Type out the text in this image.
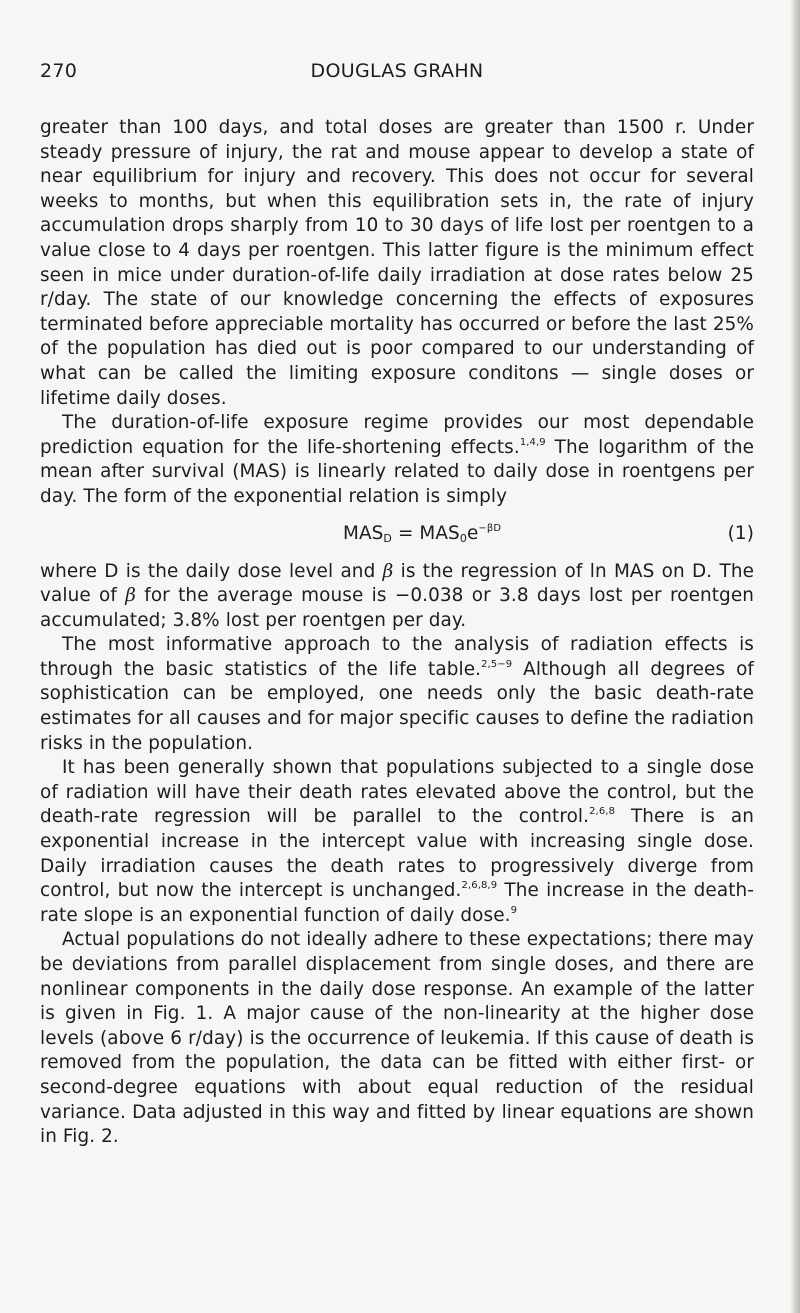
270	DOUGLAS GRAHN

greater than 100 days, and total doses are greater than 1500 r. Under steady pressure of injury, the rat and mouse appear to develop a state of near equilibrium for injury and recovery. This does not occur for several weeks to months, but when this equilibration sets in, the rate of injury accumulation drops sharply from 10 to 30 days of life lost per roentgen to a value close to 4 days per roentgen. This latter figure is the minimum effect seen in mice under duration-of-life daily irradiation at dose rates below 25 r/day. The state of our knowledge concerning the effects of exposures terminated before appreciable mortality has occurred or before the last 25% of the population has died out is poor compared to our understanding of what can be called the limiting exposure conditons — single doses or lifetime daily doses.

The duration-of-life exposure regime provides our most dependable prediction equation for the life-shortening effects.$^{1,4,9}$ The logarithm of the mean after survival (MAS) is linearly related to daily dose in roentgens per day. The form of the exponential relation is simply

$MAS_D = MAS_0e^{-\beta D}$	(1)

where D is the daily dose level and β is the regression of ln MAS on D. The value of β for the average mouse is −0.038 or 3.8 days lost per roentgen accumulated; 3.8% lost per roentgen per day.

The most informative approach to the analysis of radiation effects is through the basic statistics of the life table.$^{2,5-9}$ Although all degrees of sophistication can be employed, one needs only the basic death-rate estimates for all causes and for major specific causes to define the radiation risks in the population.

It has been generally shown that populations subjected to a single dose of radiation will have their death rates elevated above the control, but the death-rate regression will be parallel to the control.$^{2,6,8}$ There is an exponential increase in the intercept value with increasing single dose. Daily irradiation causes the death rates to progressively diverge from control, but now the intercept is unchanged.$^{2,6,8,9}$ The increase in the death-rate slope is an exponential function of daily dose.$^9$

Actual populations do not ideally adhere to these expectations; there may be deviations from parallel displacement from single doses, and there are nonlinear components in the daily dose response. An example of the latter is given in Fig. 1. A major cause of the non-linearity at the higher dose levels (above 6 r/day) is the occurrence of leukemia. If this cause of death is removed from the population, the data can be fitted with either first- or second-degree equations with about equal reduction of the residual variance. Data adjusted in this way and fitted by linear equations are shown in Fig. 2.
